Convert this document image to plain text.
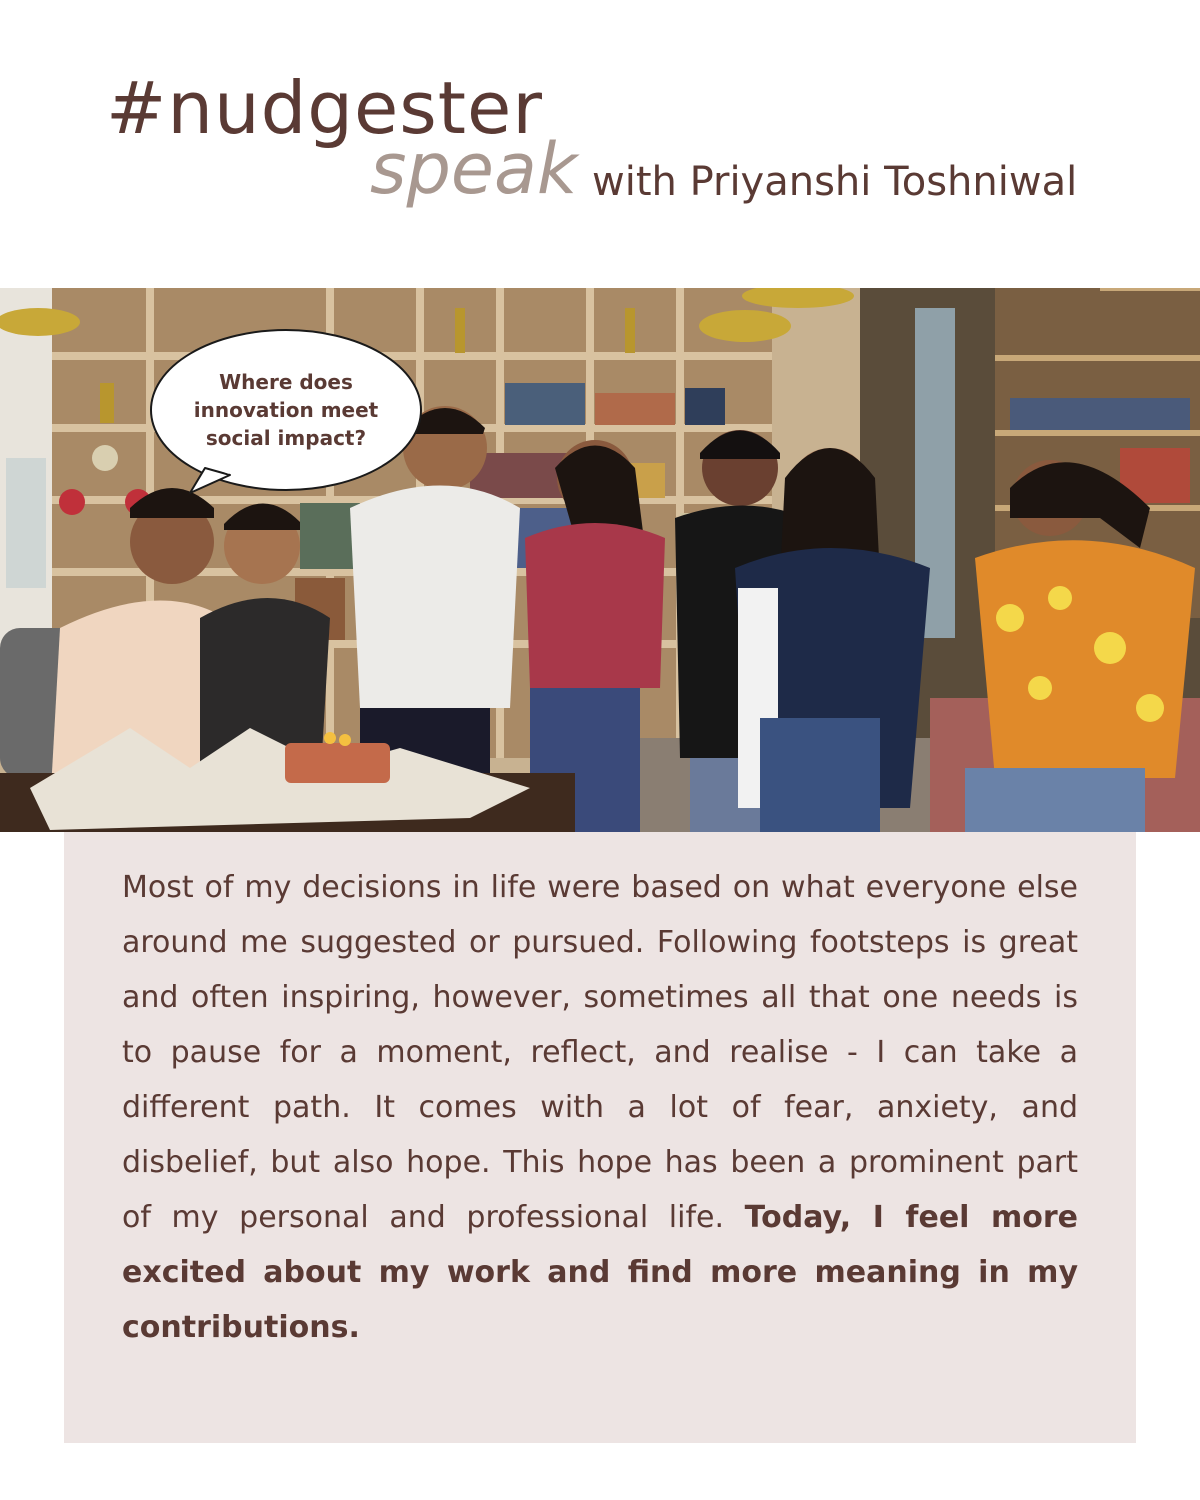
#nudgester
speak with Priyanshi Toshniwal
Where does innovation meet social impact?
Most of my decisions in life were based on what everyone else around me suggested or pursued. Following footsteps is great and often inspiring, however, sometimes all that one needs is to pause for a moment, reflect, and realise - I can take a different path. It comes with a lot of fear, anxiety, and disbelief, but also hope. This hope has been a prominent part of my personal and professional life. Today, I feel more excited about my work and find more meaning in my contributions.
